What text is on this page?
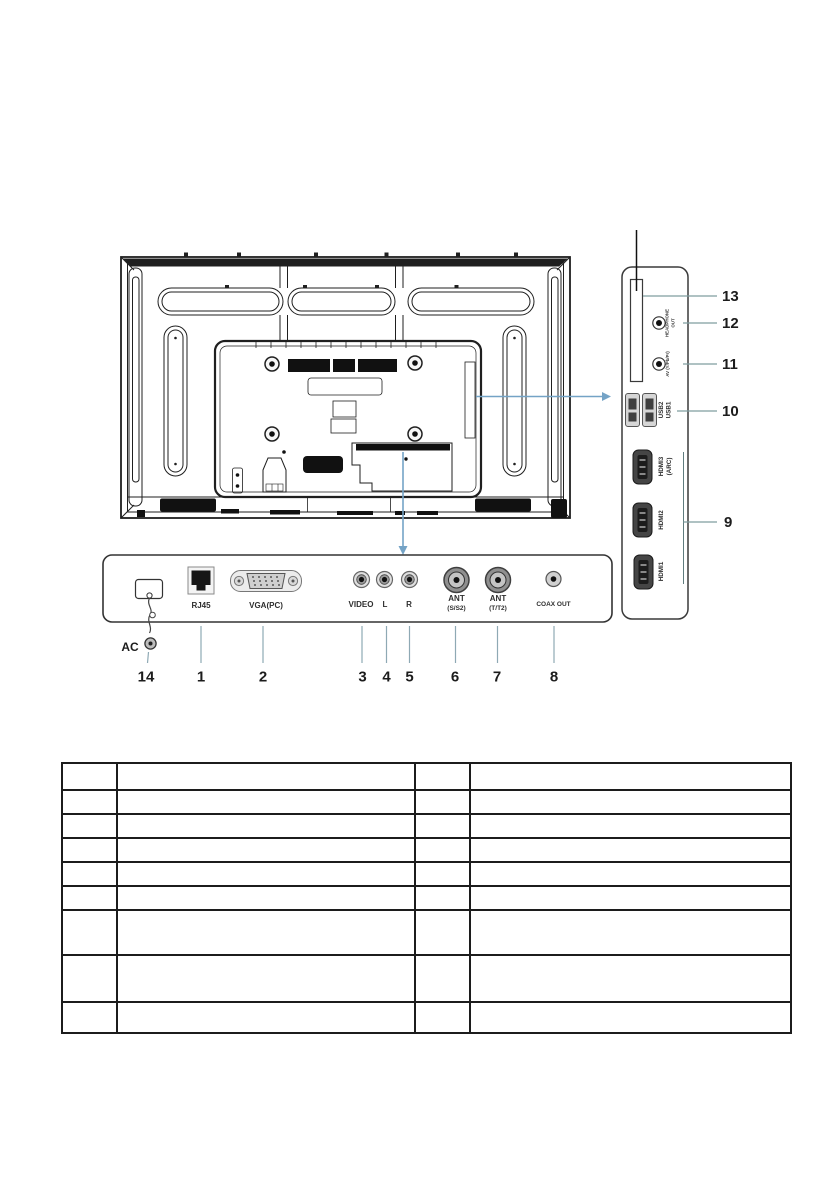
HEADPHONE OUT
AV (Y/Pb/Pr)
USB2 USB1
HDMI3 (ARC)
HDMI2
HDMI1
13
12
11
10
9
AC
RJ45	VGA(PC)	VIDEO L R
ANT
(S/S2)
ANT
(T/T2)
COAX OUT
14	1	2	3 4 5 6 7	8
